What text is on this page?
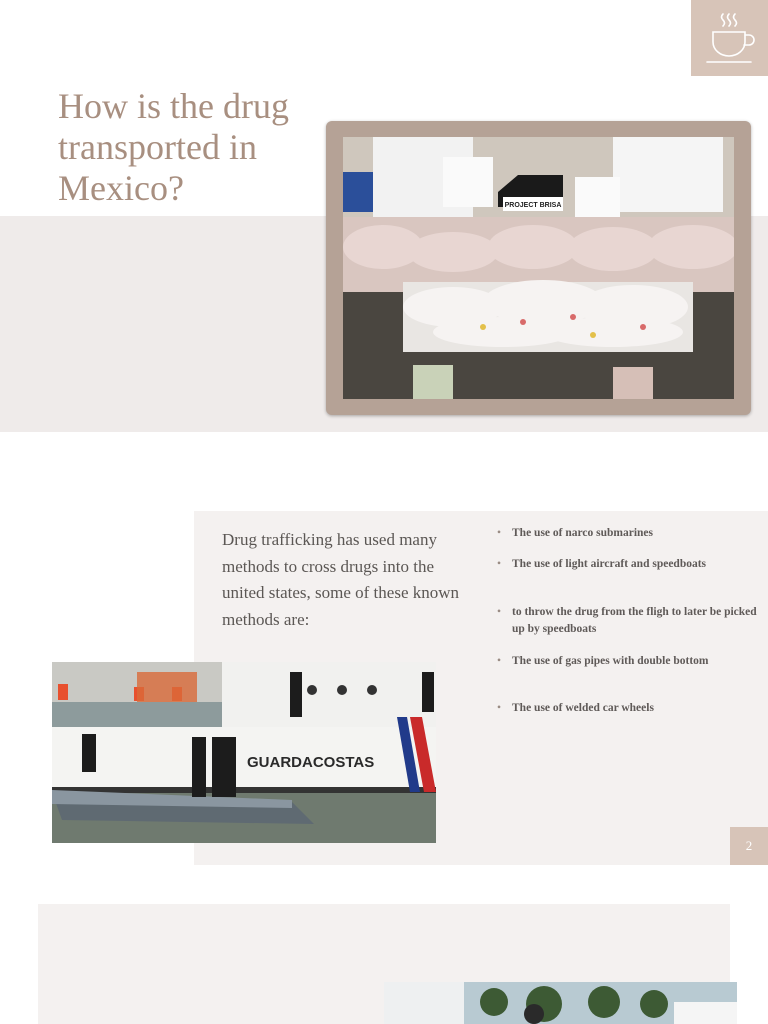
How is the drug transported in Mexico?	PROJECT BRISA

Drug trafficking has used many methods to cross drugs into the united states, some of these known methods are:

• The use of narco submarines
• The use of light aircraft and speedboats
• to throw the drug from the fligh to later be picked up by speedboats
• The use of gas pipes with double bottom
• The use of welded car wheels
GUARDACOSTAS
2
